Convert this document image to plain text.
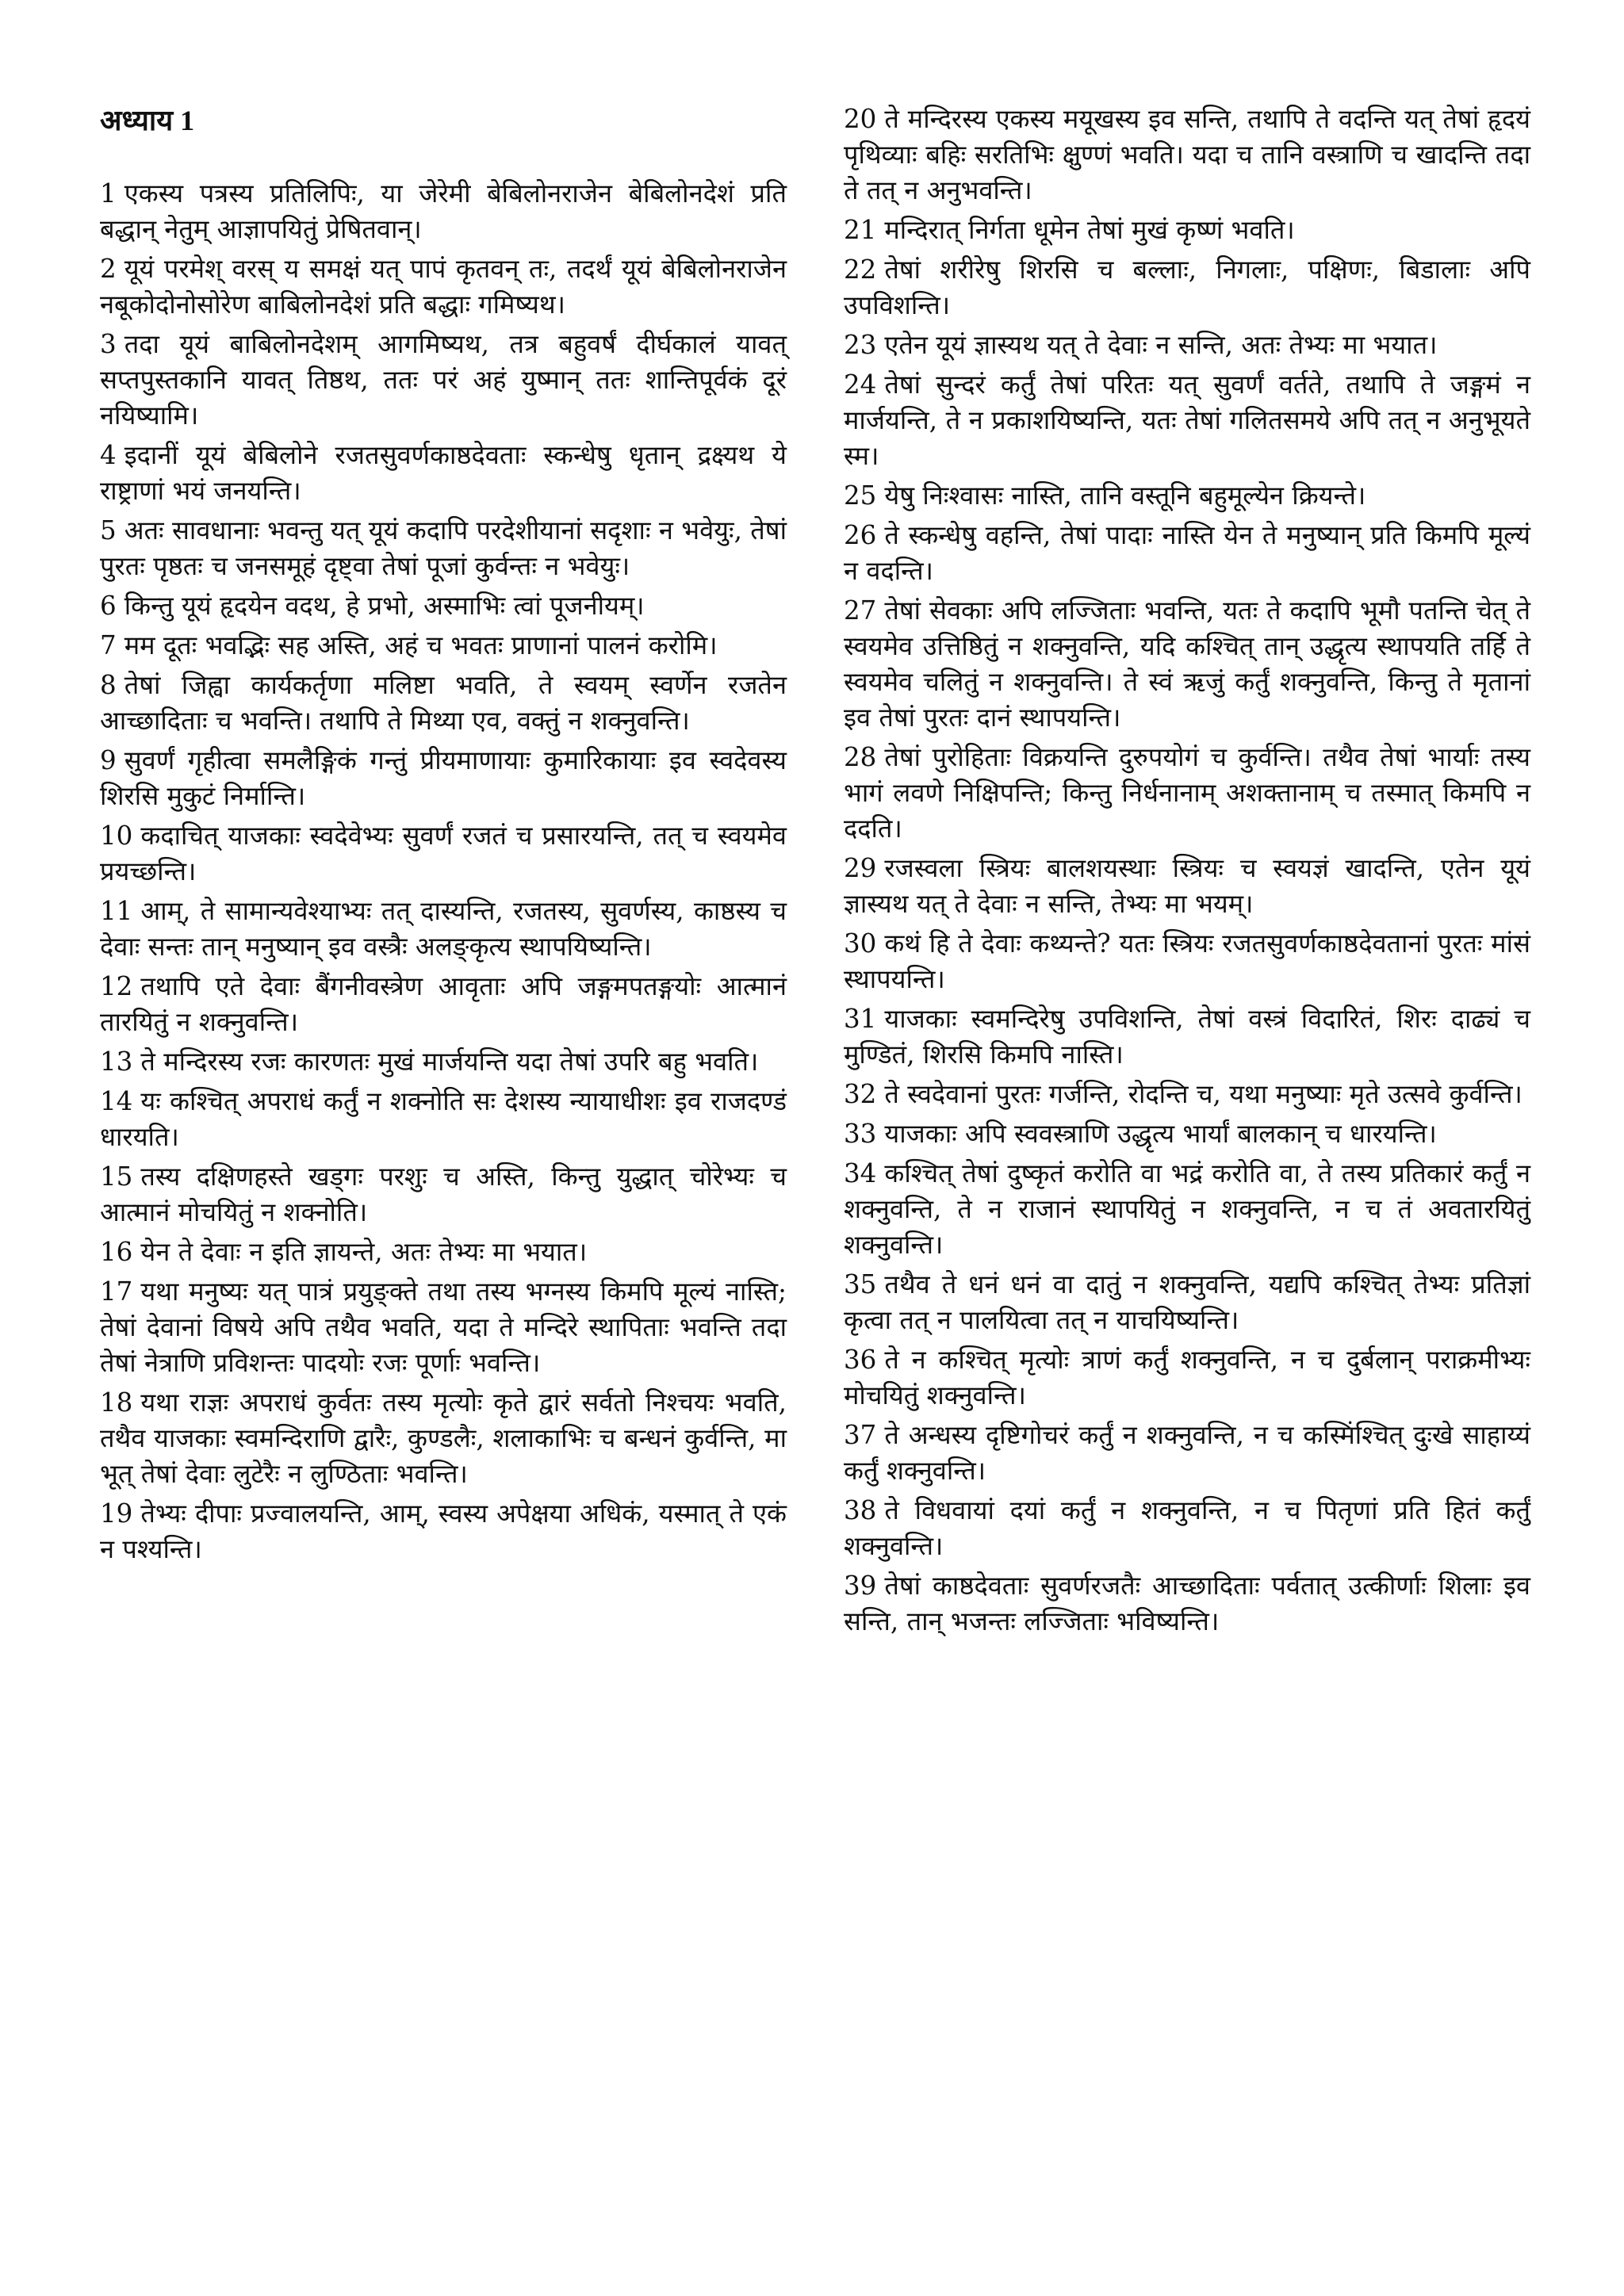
अध्याय 1

1 एकस्य पत्रस्य प्रतिलिपिः, या जेरेमी बेबिलोनराजेन बेबिलोनदेशं प्रति बद्धान् नेतुम् आज्ञापयितुं प्रेषितवान्।

2 यूयं परमेश् वरस् य समक्षं यत् पापं कृतवन् तः, तदर्थं यूयं बेबिलोनराजेन नबूकोदोनोसोरेण बाबिलोनदेशं प्रति बद्धाः गमिष्यथ।

3 तदा यूयं बाबिलोनदेशम् आगमिष्यथ, तत्र बहुवर्षं दीर्घकालं यावत् सप्तपुस्तकानि यावत् तिष्ठथ, ततः परं अहं युष्मान् ततः शान्तिपूर्वकं दूरं नयिष्यामि।

4 इदानीं यूयं बेबिलोने रजतसुवर्णकाष्ठदेवताः स्कन्धेषु धृतान् द्रक्ष्यथ ये राष्ट्राणां भयं जनयन्ति।

5 अतः सावधानाः भवन्तु यत् यूयं कदापि परदेशीयानां सदृशाः न भवेयुः, तेषां पुरतः पृष्ठतः च जनसमूहं दृष्ट्वा तेषां पूजां कुर्वन्तः न भवेयुः।

6 किन्तु यूयं हृदयेन वदथ, हे प्रभो, अस्माभिः त्वां पूजनीयम्।

7 मम दूतः भवद्भिः सह अस्ति, अहं च भवतः प्राणानां पालनं करोमि।

8 तेषां जिह्वा कार्यकर्तृणा मलिष्टा भवति, ते स्वयम् स्वर्णेन रजतेन आच्छादिताः च भवन्ति। तथापि ते मिथ्या एव, वक्तुं न शक्नुवन्ति।

9 सुवर्णं गृहीत्वा समलैङ्गिकं गन्तुं प्रीयमाणायाः कुमारिकायाः इव स्वदेवस्य शिरसि मुकुटं निर्मान्ति।

10 कदाचित् याजकाः स्वदेवेभ्यः सुवर्णं रजतं च प्रसारयन्ति, तत् च स्वयमेव प्रयच्छन्ति।

11 आम्, ते सामान्यवेश्याभ्यः तत् दास्यन्ति, रजतस्य, सुवर्णस्य, काष्ठस्य च देवाः सन्तः तान् मनुष्यान् इव वस्त्रैः अलङ्कृत्य स्थापयिष्यन्ति।

12 तथापि एते देवाः बैंगनीवस्त्रेण आवृताः अपि जङ्गमपतङ्गयोः आत्मानं तारयितुं न शक्नुवन्ति।

13 ते मन्दिरस्य रजः कारणतः मुखं मार्जयन्ति यदा तेषां उपरि बहु भवति।

14 यः कश्चित् अपराधं कर्तुं न शक्नोति सः देशस्य न्यायाधीशः इव राजदण्डं धारयति।

15 तस्य दक्षिणहस्ते खड्गः परशुः च अस्ति, किन्तु युद्धात् चोरेभ्यः च आत्मानं मोचयितुं न शक्नोति।

16 येन ते देवाः न इति ज्ञायन्ते, अतः तेभ्यः मा भयात।

17 यथा मनुष्यः यत् पात्रं प्रयुङ्क्ते तथा तस्य भग्नस्य किमपि मूल्यं नास्ति; तेषां देवानां विषये अपि तथैव भवति, यदा ते मन्दिरे स्थापिताः भवन्ति तदा तेषां नेत्राणि प्रविशन्तः पादयोः रजः पूर्णाः भवन्ति।

18 यथा राज्ञः अपराधं कुर्वतः तस्य मृत्योः कृते द्वारं सर्वतो निश्चयः भवति, तथैव याजकाः स्वमन्दिराणि द्वारैः, कुण्डलैः, शलाकाभिः च बन्धनं कुर्वन्ति, मा भूत् तेषां देवाः लुटेरैः न लुण्ठिताः भवन्ति।

19 तेभ्यः दीपाः प्रज्वालयन्ति, आम्, स्वस्य अपेक्षया अधिकं, यस्मात् ते एकं न पश्यन्ति।

20 ते मन्दिरस्य एकस्य मयूखस्य इव सन्ति, तथापि ते वदन्ति यत् तेषां हृदयं पृथिव्याः बहिः सरतिभिः क्षुण्णं भवति। यदा च तानि वस्त्राणि च खादन्ति तदा ते तत् न अनुभवन्ति।

21 मन्दिरात् निर्गता धूमेन तेषां मुखं कृष्णं भवति।

22 तेषां शरीरेषु शिरसि च बल्लाः, निगलाः, पक्षिणः, बिडालाः अपि उपविशन्ति।

23 एतेन यूयं ज्ञास्यथ यत् ते देवाः न सन्ति, अतः तेभ्यः मा भयात।

24 तेषां सुन्दरं कर्तुं तेषां परितः यत् सुवर्णं वर्तते, तथापि ते जङ्गमं न मार्जयन्ति, ते न प्रकाशयिष्यन्ति, यतः तेषां गलितसमये अपि तत् न अनुभूयते स्म।

25 येषु निःश्वासः नास्ति, तानि वस्तूनि बहुमूल्येन क्रियन्ते।

26 ते स्कन्धेषु वहन्ति, तेषां पादाः नास्ति येन ते मनुष्यान् प्रति किमपि मूल्यं न वदन्ति।

27 तेषां सेवकाः अपि लज्जिताः भवन्ति, यतः ते कदापि भूमौ पतन्ति चेत् ते स्वयमेव उत्तिष्ठितुं न शक्नुवन्ति, यदि कश्चित् तान् उद्धृत्य स्थापयति तर्हि ते स्वयमेव चलितुं न शक्नुवन्ति। ते स्वं ऋजुं कर्तुं शक्नुवन्ति, किन्तु ते मृतानां इव तेषां पुरतः दानं स्थापयन्ति।

28 तेषां पुरोहिताः विक्रयन्ति दुरुपयोगं च कुर्वन्ति। तथैव तेषां भार्याः तस्य भागं लवणे निक्षिपन्ति; किन्तु निर्धनानाम् अशक्तानाम् च तस्मात् किमपि न ददति।

29 रजस्वला स्त्रियः बालशयस्थाः स्त्रियः च स्वयज्ञं खादन्ति, एतेन यूयं ज्ञास्यथ यत् ते देवाः न सन्ति, तेभ्यः मा भयम्।

30 कथं हि ते देवाः कथ्यन्ते? यतः स्त्रियः रजतसुवर्णकाष्ठदेवतानां पुरतः मांसं स्थापयन्ति।

31 याजकाः स्वमन्दिरेषु उपविशन्ति, तेषां वस्त्रं विदारितं, शिरः दाढ्यं च मुण्डितं, शिरसि किमपि नास्ति।

32 ते स्वदेवानां पुरतः गर्जन्ति, रोदन्ति च, यथा मनुष्याः मृते उत्सवे कुर्वन्ति।

33 याजकाः अपि स्ववस्त्राणि उद्धृत्य भार्यां बालकान् च धारयन्ति।

34 कश्चित् तेषां दुष्कृतं करोति वा भद्रं करोति वा, ते तस्य प्रतिकारं कर्तुं न शक्नुवन्ति, ते न राजानं स्थापयितुं न शक्नुवन्ति, न च तं अवतारयितुं शक्नुवन्ति।

35 तथैव ते धनं धनं वा दातुं न शक्नुवन्ति, यद्यपि कश्चित् तेभ्यः प्रतिज्ञां कृत्वा तत् न पालयित्वा तत् न याचयिष्यन्ति।

36 ते न कश्चित् मृत्योः त्राणं कर्तुं शक्नुवन्ति, न च दुर्बलान् पराक्रमीभ्यः मोचयितुं शक्नुवन्ति।

37 ते अन्धस्य दृष्टिगोचरं कर्तुं न शक्नुवन्ति, न च कस्मिंश्चित् दुःखे साहाय्यं कर्तुं शक्नुवन्ति।

38 ते विधवायां दयां कर्तुं न शक्नुवन्ति, न च पितृणां प्रति हितं कर्तुं शक्नुवन्ति।

39 तेषां काष्ठदेवताः सुवर्णरजतैः आच्छादिताः पर्वतात् उत्कीर्णाः शिलाः इव सन्ति, तान् भजन्तः लज्जिताः भविष्यन्ति।
